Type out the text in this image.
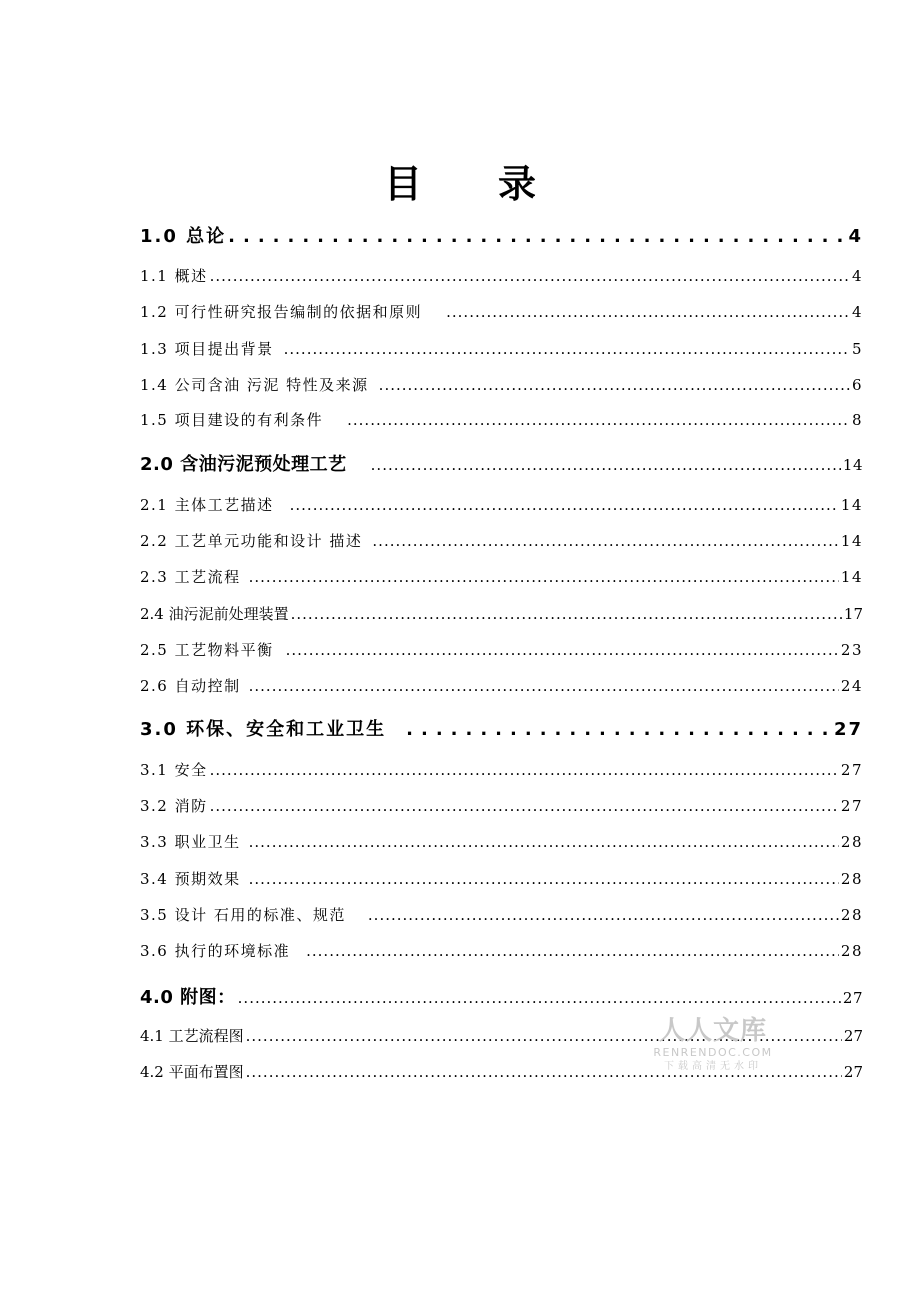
目录
1.0 总论 .....	4
1.1 概述 .....	4
1.2 可行性研究报告编制的依据和原则 .....	4
1.3 项目提出背景 .....	5
1.4 公司含油 污泥 特性及来源 .....	6
1.5 项目建设的有利条件 .....	8
2.0 含油污泥预处理工艺 .....	14
2.1 主体工艺描述 .....	14
2.2 工艺单元功能和设计 描述 .....	14
2.3 工艺流程 .....	14
2.4 油污泥前处理装置 .....	17
2.5 工艺物料平衡 .....	23
2.6 自动控制 .....	24
3.0 环保、安全和工业卫生 .....	27
3.1 安全 .....	27
3.2 消防 .....	27
3.3 职业卫生 .....	28
3.4 预期效果 .....	28
3.5 设计 石用的标准、规范 .....	28
3.6 执行的环境标准 .....	28
4.0 附图： .....	27
4.1 工艺流程图 .....	27
4.2 平面布置图 .....	27
人人文库
RENRENDOC.COM
下载高清无水印
